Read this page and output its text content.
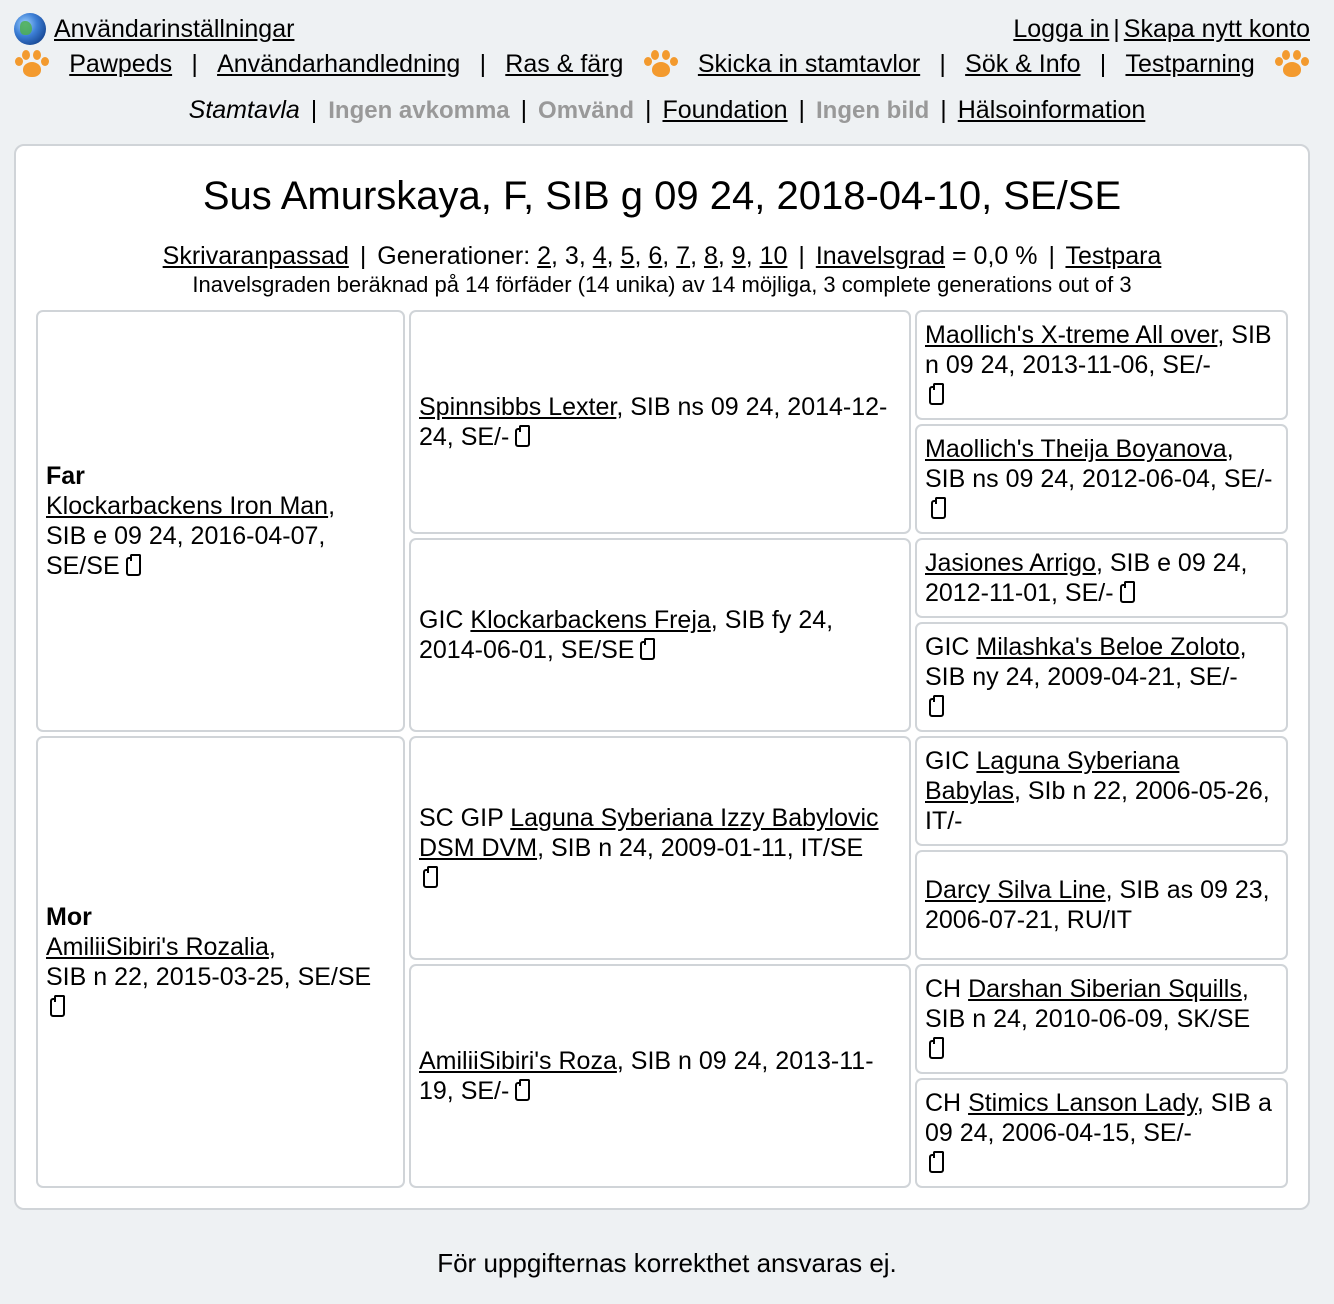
Användarinställningar	Logga in | Skapa nytt konto
Pawpeds | Användarhandledning | Ras & färg	Skicka in stamtavlor | Sök & Info | Testparning
Stamtavla | Ingen avkomma | Omvänd | Foundation | Ingen bild | Hälsoinformation
Sus Amurskaya, F, SIB g 09 24, 2018-04-10, SE/SE
Skrivaranpassad | Generationer: 2, 3, 4, 5, 6, 7, 8, 9, 10 | Inavelsgrad = 0,0 % | Testpara
Inavelsgraden beräknad på 14 förfäder (14 unika) av 14 möjliga, 3 complete generations out of 3
Far
Klockarbackens Iron Man,
SIB e 09 24, 2016-04-07, SE/SE
Mor
AmiliiSibiri's Rozalia,
SIB n 22, 2015-03-25, SE/SE

Spinnsibbs Lexter, SIB ns 09 24, 2014-12-24, SE/-
GIC Klockarbackens Freja, SIB fy 24, 2014-06-01, SE/SE
SC GIP Laguna Syberiana Izzy Babylovic DSM DVM, SIB n 24, 2009-01-11, IT/SE

AmiliiSibiri's Roza, SIB n 09 24, 2013-11-19, SE/-
Maollich's X-treme All over, SIB n 09 24, 2013-11-06, SE/-

Maollich's Theija Boyanova, SIB ns 09 24, 2012-06-04, SE/-
Jasiones Arrigo, SIB e 09 24, 2012-11-01, SE/-
GIC Milashka's Beloe Zoloto, SIB ny 24, 2009-04-21, SE/-

GIC Laguna Syberiana Babylas, SIb n 22, 2006-05-26, IT/-
Darcy Silva Line, SIB as 09 23, 2006-07-21, RU/IT
CH Darshan Siberian Squills, SIB n 24, 2010-06-09, SK/SE

CH Stimics Lanson Lady, SIB a 09 24, 2006-04-15, SE/-

För uppgifternas korrekthet ansvaras ej.
